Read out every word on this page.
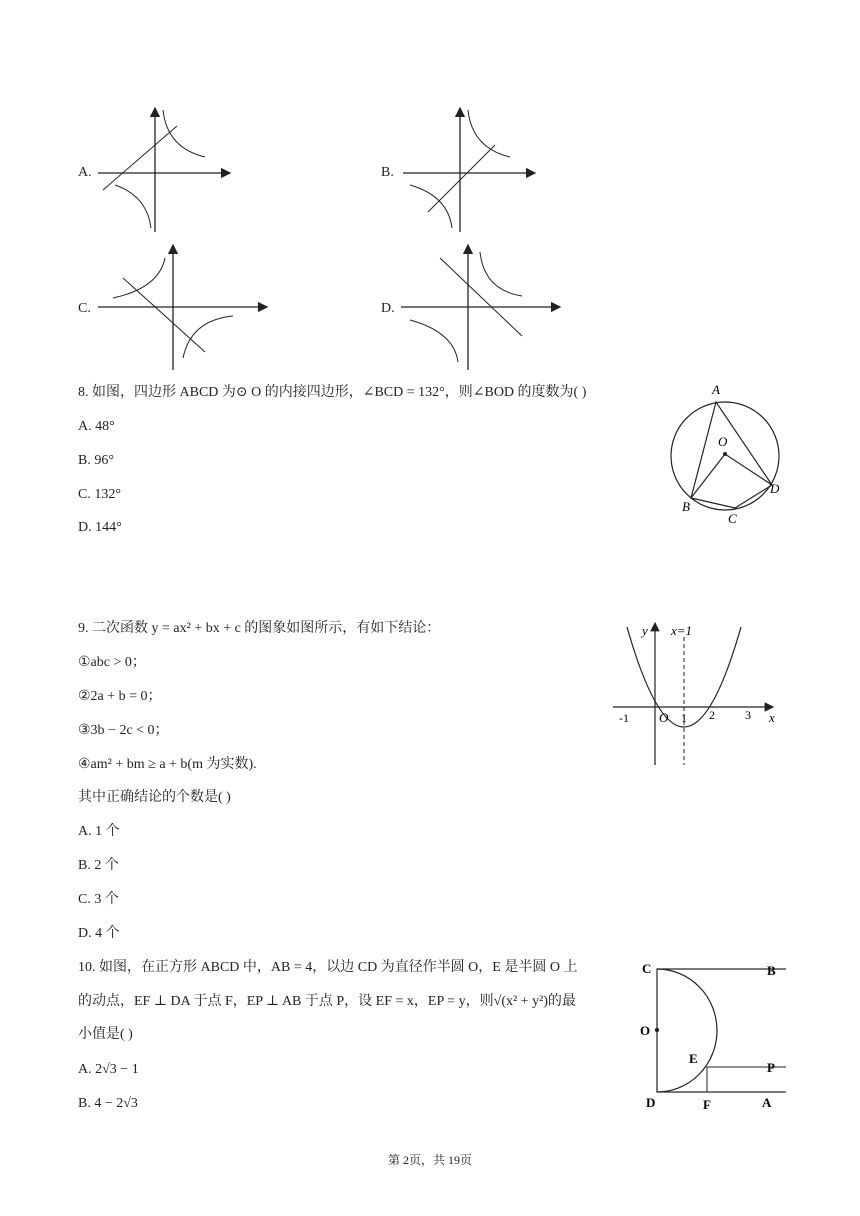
A.	B.
C.	D.
8. 如图，四边形 ABCD 为⊙ O 的内接四边形，∠BCD = 132°，则∠BOD 的度数为( )
A. 48°
B. 96°
C. 132°
D. 144°
A
O
B
C
D
9. 二次函数 y = ax² + bx + c 的图象如图所示，有如下结论：
①abc > 0；
②2a + b = 0；
③3b − 2c < 0；
④am² + bm ≥ a + b(m 为实数).
其中正确结论的个数是( )
A. 1 个
B. 2 个
C. 3 个
D. 4 个
y x=1
-1 O 1 2	3 x
10. 如图，在正方形 ABCD 中，AB = 4，以边 CD 为直径作半圆 O，E 是半圆 O 上
的动点，EF ⊥ DA 于点 F，EP ⊥ AB 于点 P，设 EF = x，EP = y，则√(x² + y²)的最
小值是( )
A. 2√3 − 1
B. 4 − 2√3
C	B
O
E
P
D	F	A
第 2页，共 19页
